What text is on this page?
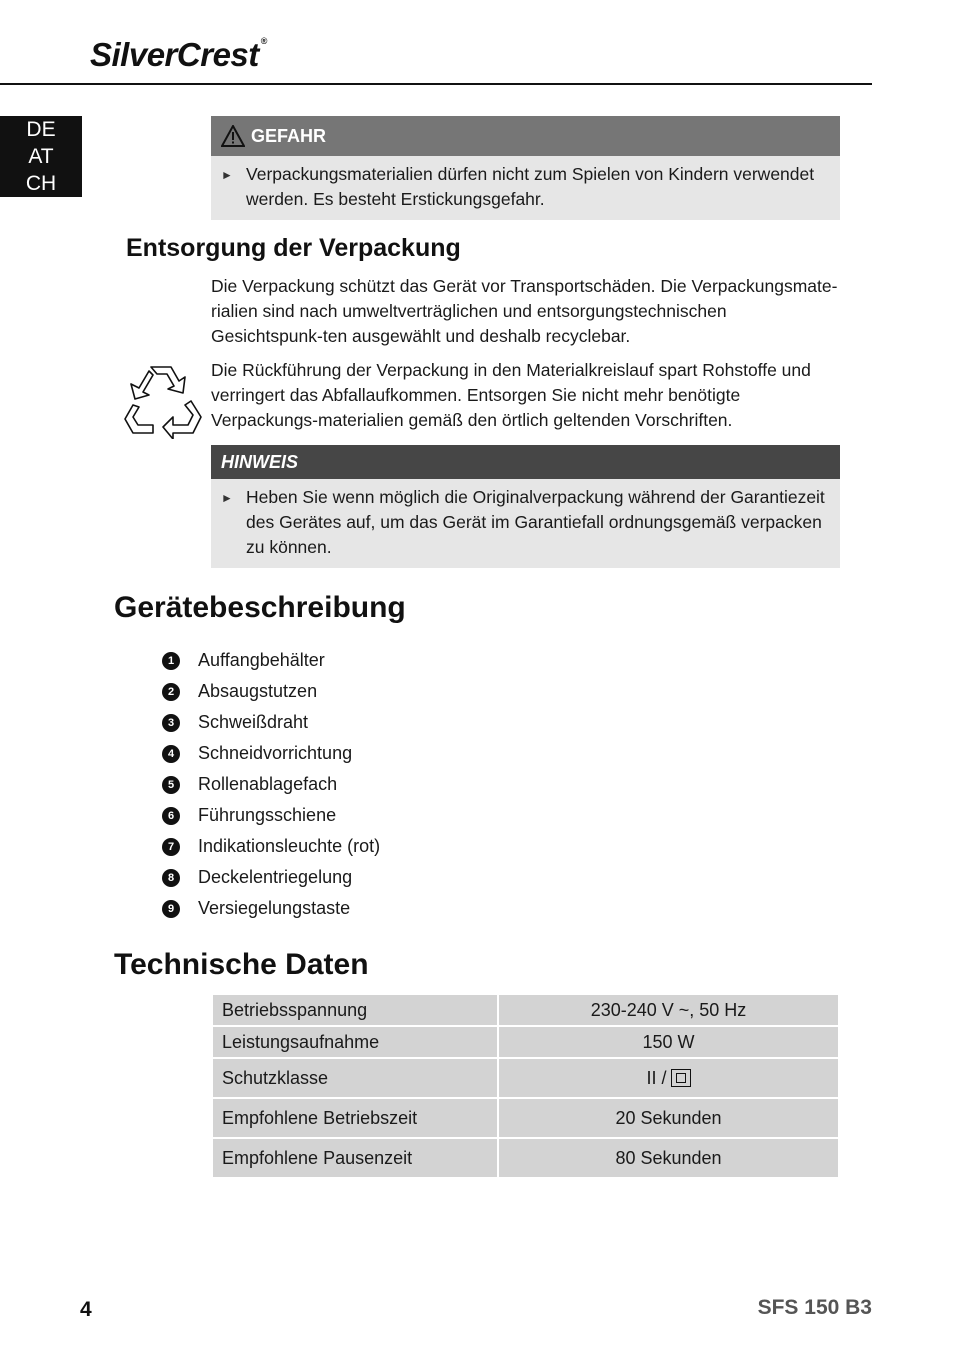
SilverCrest ®
DE
AT
CH
GEFAHR
► Verpackungsmaterialien dürfen nicht zum Spielen von Kindern verwendet werden. Es besteht Erstickungsgefahr.
Entsorgung der Verpackung
Die Verpackung schützt das Gerät vor Transportschäden. Die Verpackungsmate-rialien sind nach umweltverträglichen und entsorgungstechnischen Gesichtspunk-ten ausgewählt und deshalb recyclebar.
Die Rückführung der Verpackung in den Materialkreislauf spart Rohstoffe und verringert das Abfallaufkommen. Entsorgen Sie nicht mehr benötigte Verpackungs-materialien gemäß den örtlich geltenden Vorschriften.
HINWEIS
► Heben Sie wenn möglich die Originalverpackung während der Garantiezeit des Gerätes auf, um das Gerät im Garantiefall ordnungsgemäß verpacken zu können.
Gerätebeschreibung
1	Auffangbehälter
2	Absaugstutzen
3	Schweißdraht
4	Schneidvorrichtung
5	Rollenablagefach
6	Führungsschiene
7	Indikationsleuchte (rot)
8	Deckelentriegelung
9	Versiegelungstaste
Technische Daten
Betriebsspannung	230-240 V ~, 50 Hz
Leistungsaufnahme	150 W
Schutzklasse	II /
Empfohlene Betriebszeit	20 Sekunden
Empfohlene Pausenzeit	80 Sekunden
4	SFS 150 B3
